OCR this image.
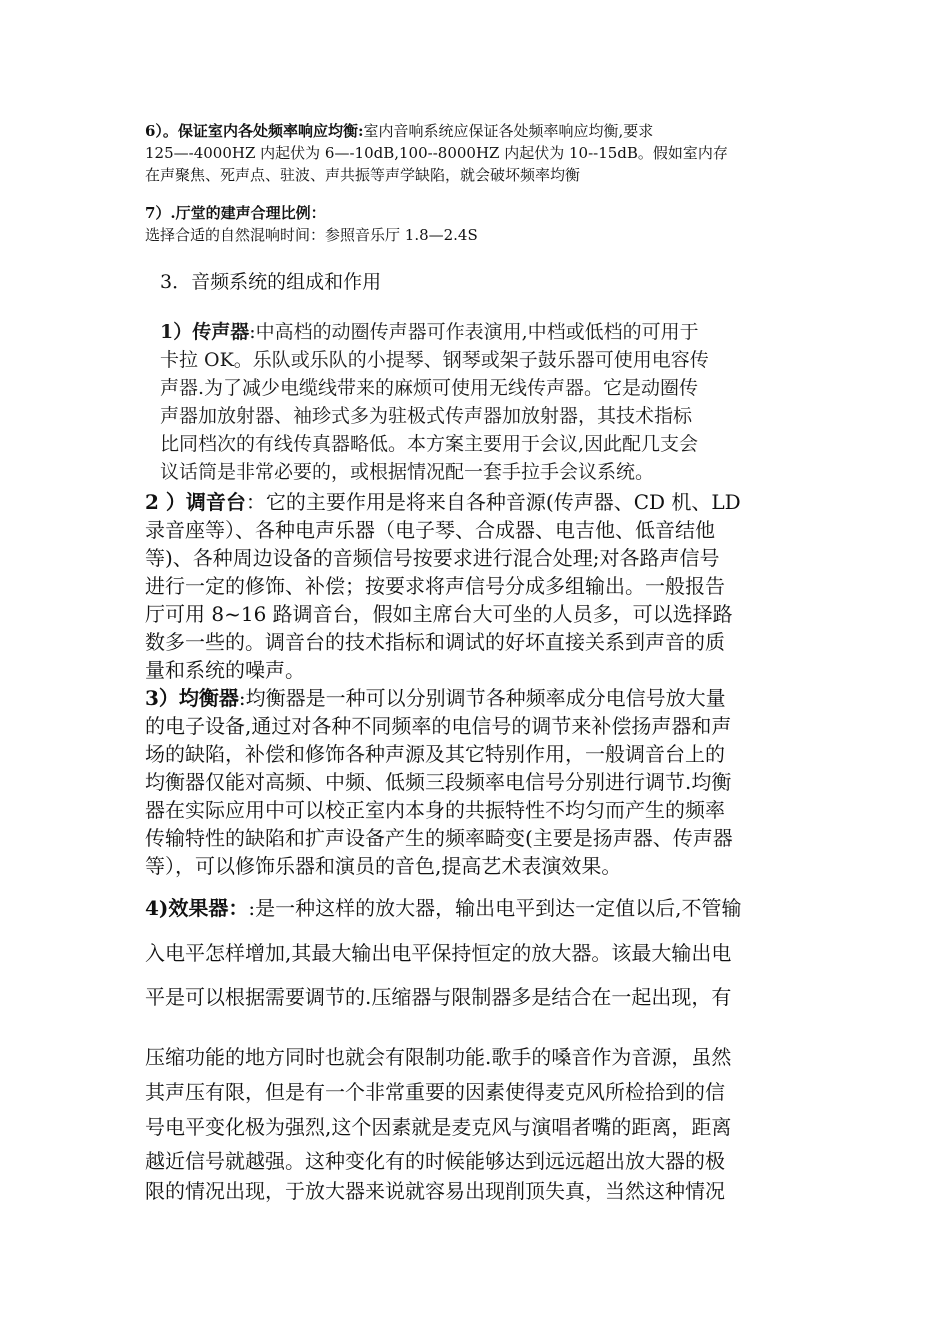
6）。保证室内各处频率响应均衡:室内音响系统应保证各处频率响应均衡,要求
125—-4000HZ 内起伏为 6—-10dB,100--8000HZ 内起伏为 10--15dB。假如室内存
在声聚焦、死声点、驻波、声共振等声学缺陷，就会破坏频率均衡
7）.厅堂的建声合理比例：
选择合适的自然混响时间：参照音乐厅 1.8—2.4S
3．音频系统的组成和作用
1）传声器:中高档的动圈传声器可作表演用,中档或低档的可用于
卡拉 OK。乐队或乐队的小提琴、钢琴或架子鼓乐器可使用电容传
声器.为了减少电缆线带来的麻烦可使用无线传声器。它是动圈传
声器加放射器、袖珍式多为驻极式传声器加放射器，其技术指标
比同档次的有线传真器略低。本方案主要用于会议,因此配几支会
议话筒是非常必要的，或根据情况配一套手拉手会议系统。
2 ）调音台：它的主要作用是将来自各种音源(传声器、CD 机、LD
录音座等）、各种电声乐器（电子琴、合成器、电吉他、低音结他
等)、各种周边设备的音频信号按要求进行混合处理;对各路声信号
进行一定的修饰、补偿；按要求将声信号分成多组输出。一般报告
厅可用 8~16 路调音台，假如主席台大可坐的人员多，可以选择路
数多一些的。调音台的技术指标和调试的好坏直接关系到声音的质
量和系统的噪声。
3）均衡器:均衡器是一种可以分别调节各种频率成分电信号放大量
的电子设备,通过对各种不同频率的电信号的调节来补偿扬声器和声
场的缺陷，补偿和修饰各种声源及其它特别作用，一般调音台上的
均衡器仅能对高频、中频、低频三段频率电信号分别进行调节.均衡
器在实际应用中可以校正室内本身的共振特性不均匀而产生的频率
传输特性的缺陷和扩声设备产生的频率畸变(主要是扬声器、传声器
等），可以修饰乐器和演员的音色,提高艺术表演效果。
4)效果器：:是一种这样的放大器，输出电平到达一定值以后,不管输
入电平怎样增加,其最大输出电平保持恒定的放大器。该最大输出电
平是可以根据需要调节的.压缩器与限制器多是结合在一起出现，有
压缩功能的地方同时也就会有限制功能.歌手的嗓音作为音源，虽然
其声压有限，但是有一个非常重要的因素使得麦克风所检拾到的信
号电平变化极为强烈,这个因素就是麦克风与演唱者嘴的距离，距离
越近信号就越强。这种变化有的时候能够达到远远超出放大器的极
限的情况出现，于放大器来说就容易出现削顶失真，当然这种情况
